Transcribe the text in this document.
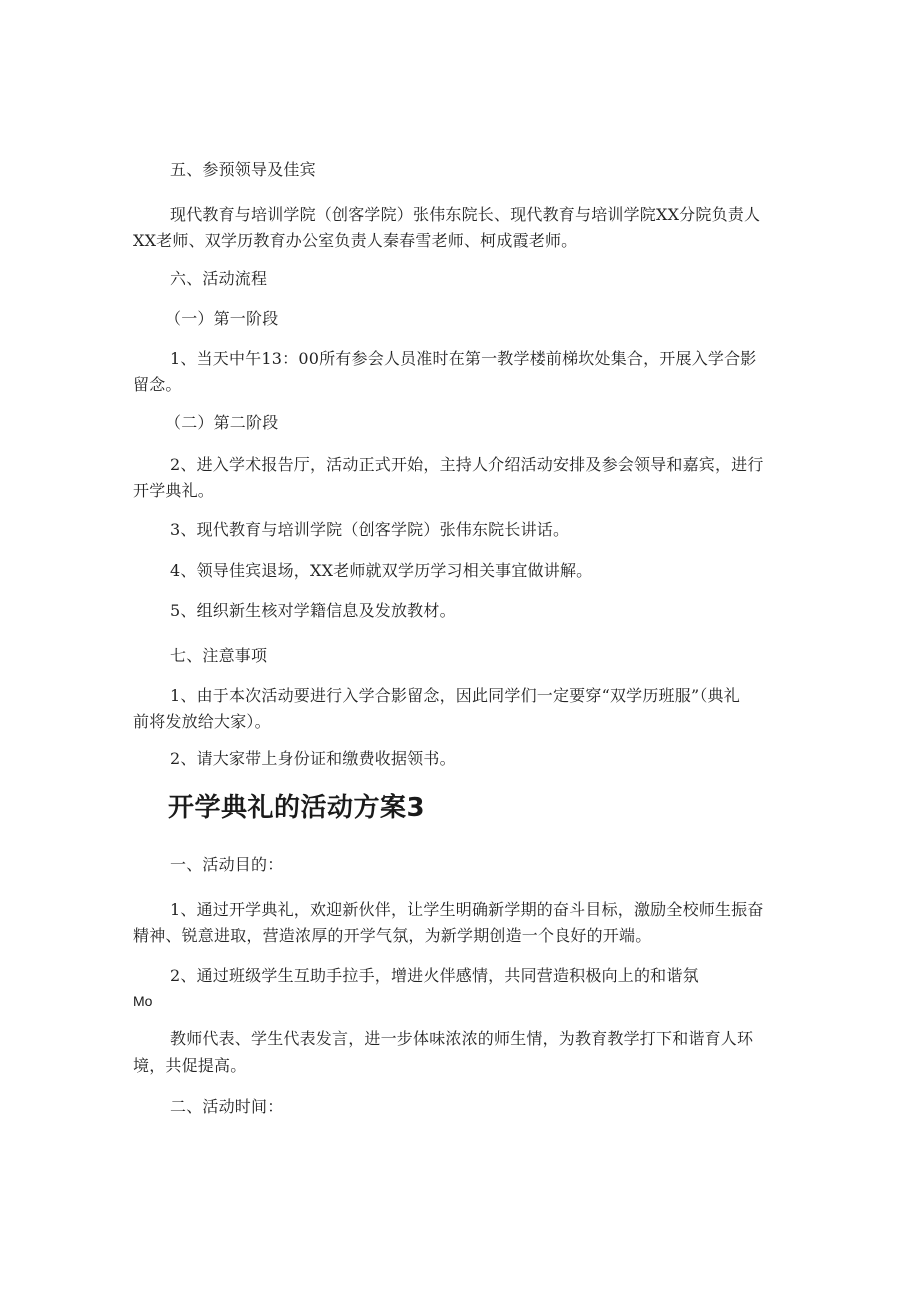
五、参预领导及佳宾

现代教育与培训学院（创客学院）张伟东院长、现代教育与培训学院XX分院负责人

XX老师、双学历教育办公室负责人秦春雪老师、柯成霞老师。

六、活动流程

（一）第一阶段

1、当天中午13：00所有参会人员准时在第一教学楼前梯坎处集合，开展入学合影

留念。

（二）第二阶段

2、进入学术报告厅，活动正式开始，主持人介绍活动安排及参会领导和嘉宾，进行

开学典礼。

3、现代教育与培训学院（创客学院）张伟东院长讲话。

4、领导佳宾退场，XX老师就双学历学习相关事宜做讲解。

5、组织新生核对学籍信息及发放教材。

七、注意事项

1、由于本次活动要进行入学合影留念，因此同学们一定要穿“双学历班服”（典礼

前将发放给大家）。

2、请大家带上身份证和缴费收据领书。

开学典礼的活动方案3

一、活动目的：

1、通过开学典礼，欢迎新伙伴，让学生明确新学期的奋斗目标，激励全校师生振奋

精神、锐意进取，营造浓厚的开学气氛，为新学期创造一个良好的开端。

2、通过班级学生互助手拉手，增进火伴感情，共同营造积极向上的和谐氛

Mo

教师代表、学生代表发言，进一步体味浓浓的师生情，为教育教学打下和谐育人环

境，共促提高。

二、活动时间：
